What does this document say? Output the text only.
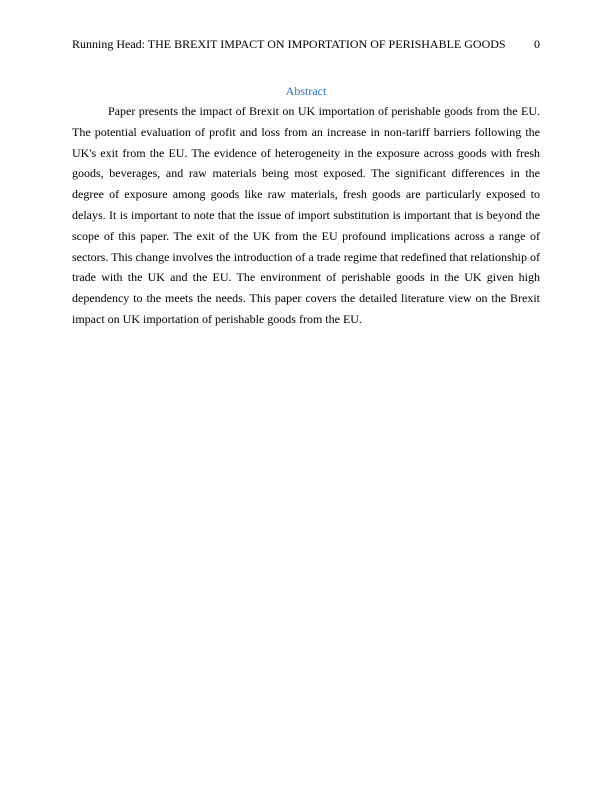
Running Head: THE BREXIT IMPACT ON IMPORTATION OF PERISHABLE GOODS 0
Abstract

Paper presents the impact of Brexit on UK importation of perishable goods from the EU. The potential evaluation of profit and loss from an increase in non-tariff barriers following the UK's exit from the EU. The evidence of heterogeneity in the exposure across goods with fresh goods, beverages, and raw materials being most exposed. The significant differences in the degree of exposure among goods like raw materials, fresh goods are particularly exposed to delays. It is important to note that the issue of import substitution is important that is beyond the scope of this paper. The exit of the UK from the EU profound implications across a range of sectors. This change involves the introduction of a trade regime that redefined that relationship of trade with the UK and the EU. The environment of perishable goods in the UK given high dependency to the meets the needs. This paper covers the detailed literature view on the Brexit impact on UK importation of perishable goods from the EU.
